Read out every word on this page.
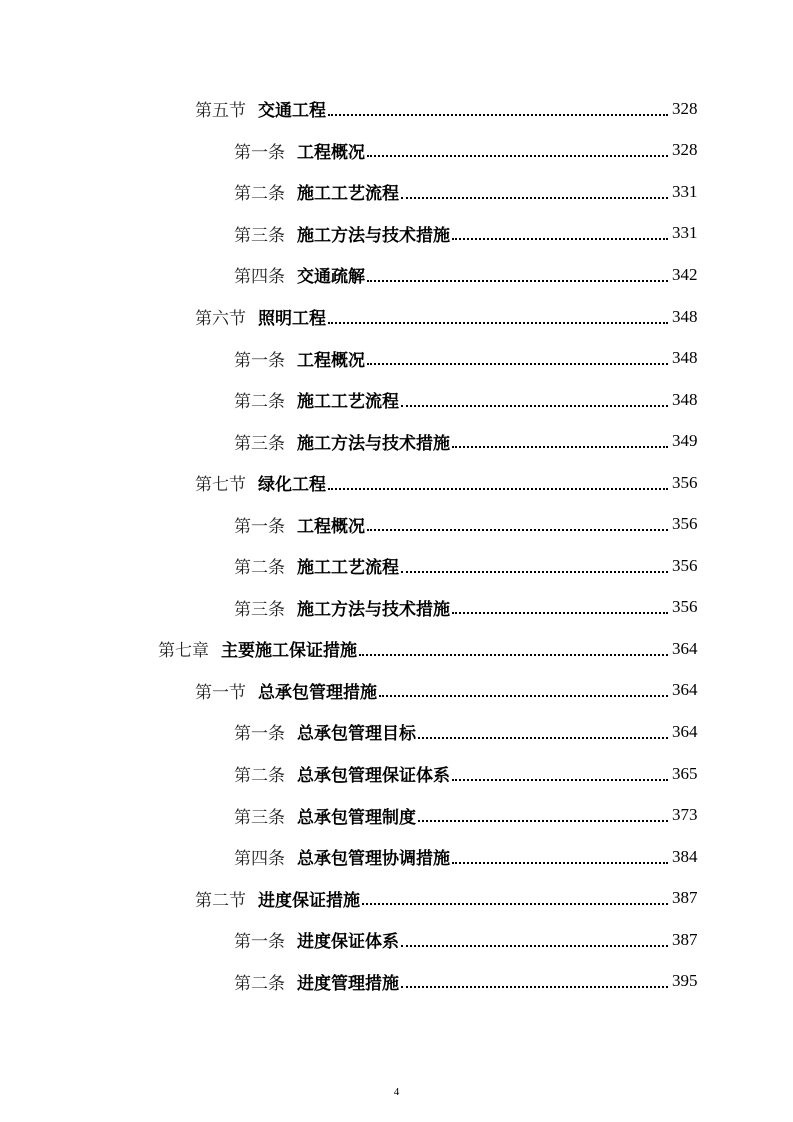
第五节 交通工程	328
第一条 工程概况	328
第二条 施工工艺流程	331
第三条 施工方法与技术措施	331
第四条 交通疏解	342
第六节 照明工程	348
第一条 工程概况	348
第二条 施工工艺流程	348
第三条 施工方法与技术措施	349
第七节 绿化工程	356
第一条 工程概况	356
第二条 施工工艺流程	356
第三条 施工方法与技术措施	356
第七章 主要施工保证措施	364
第一节 总承包管理措施	364
第一条 总承包管理目标	364
第二条 总承包管理保证体系	365
第三条 总承包管理制度	373
第四条 总承包管理协调措施	384
第二节 进度保证措施	387
第一条 进度保证体系	387
第二条 进度管理措施	395
4
